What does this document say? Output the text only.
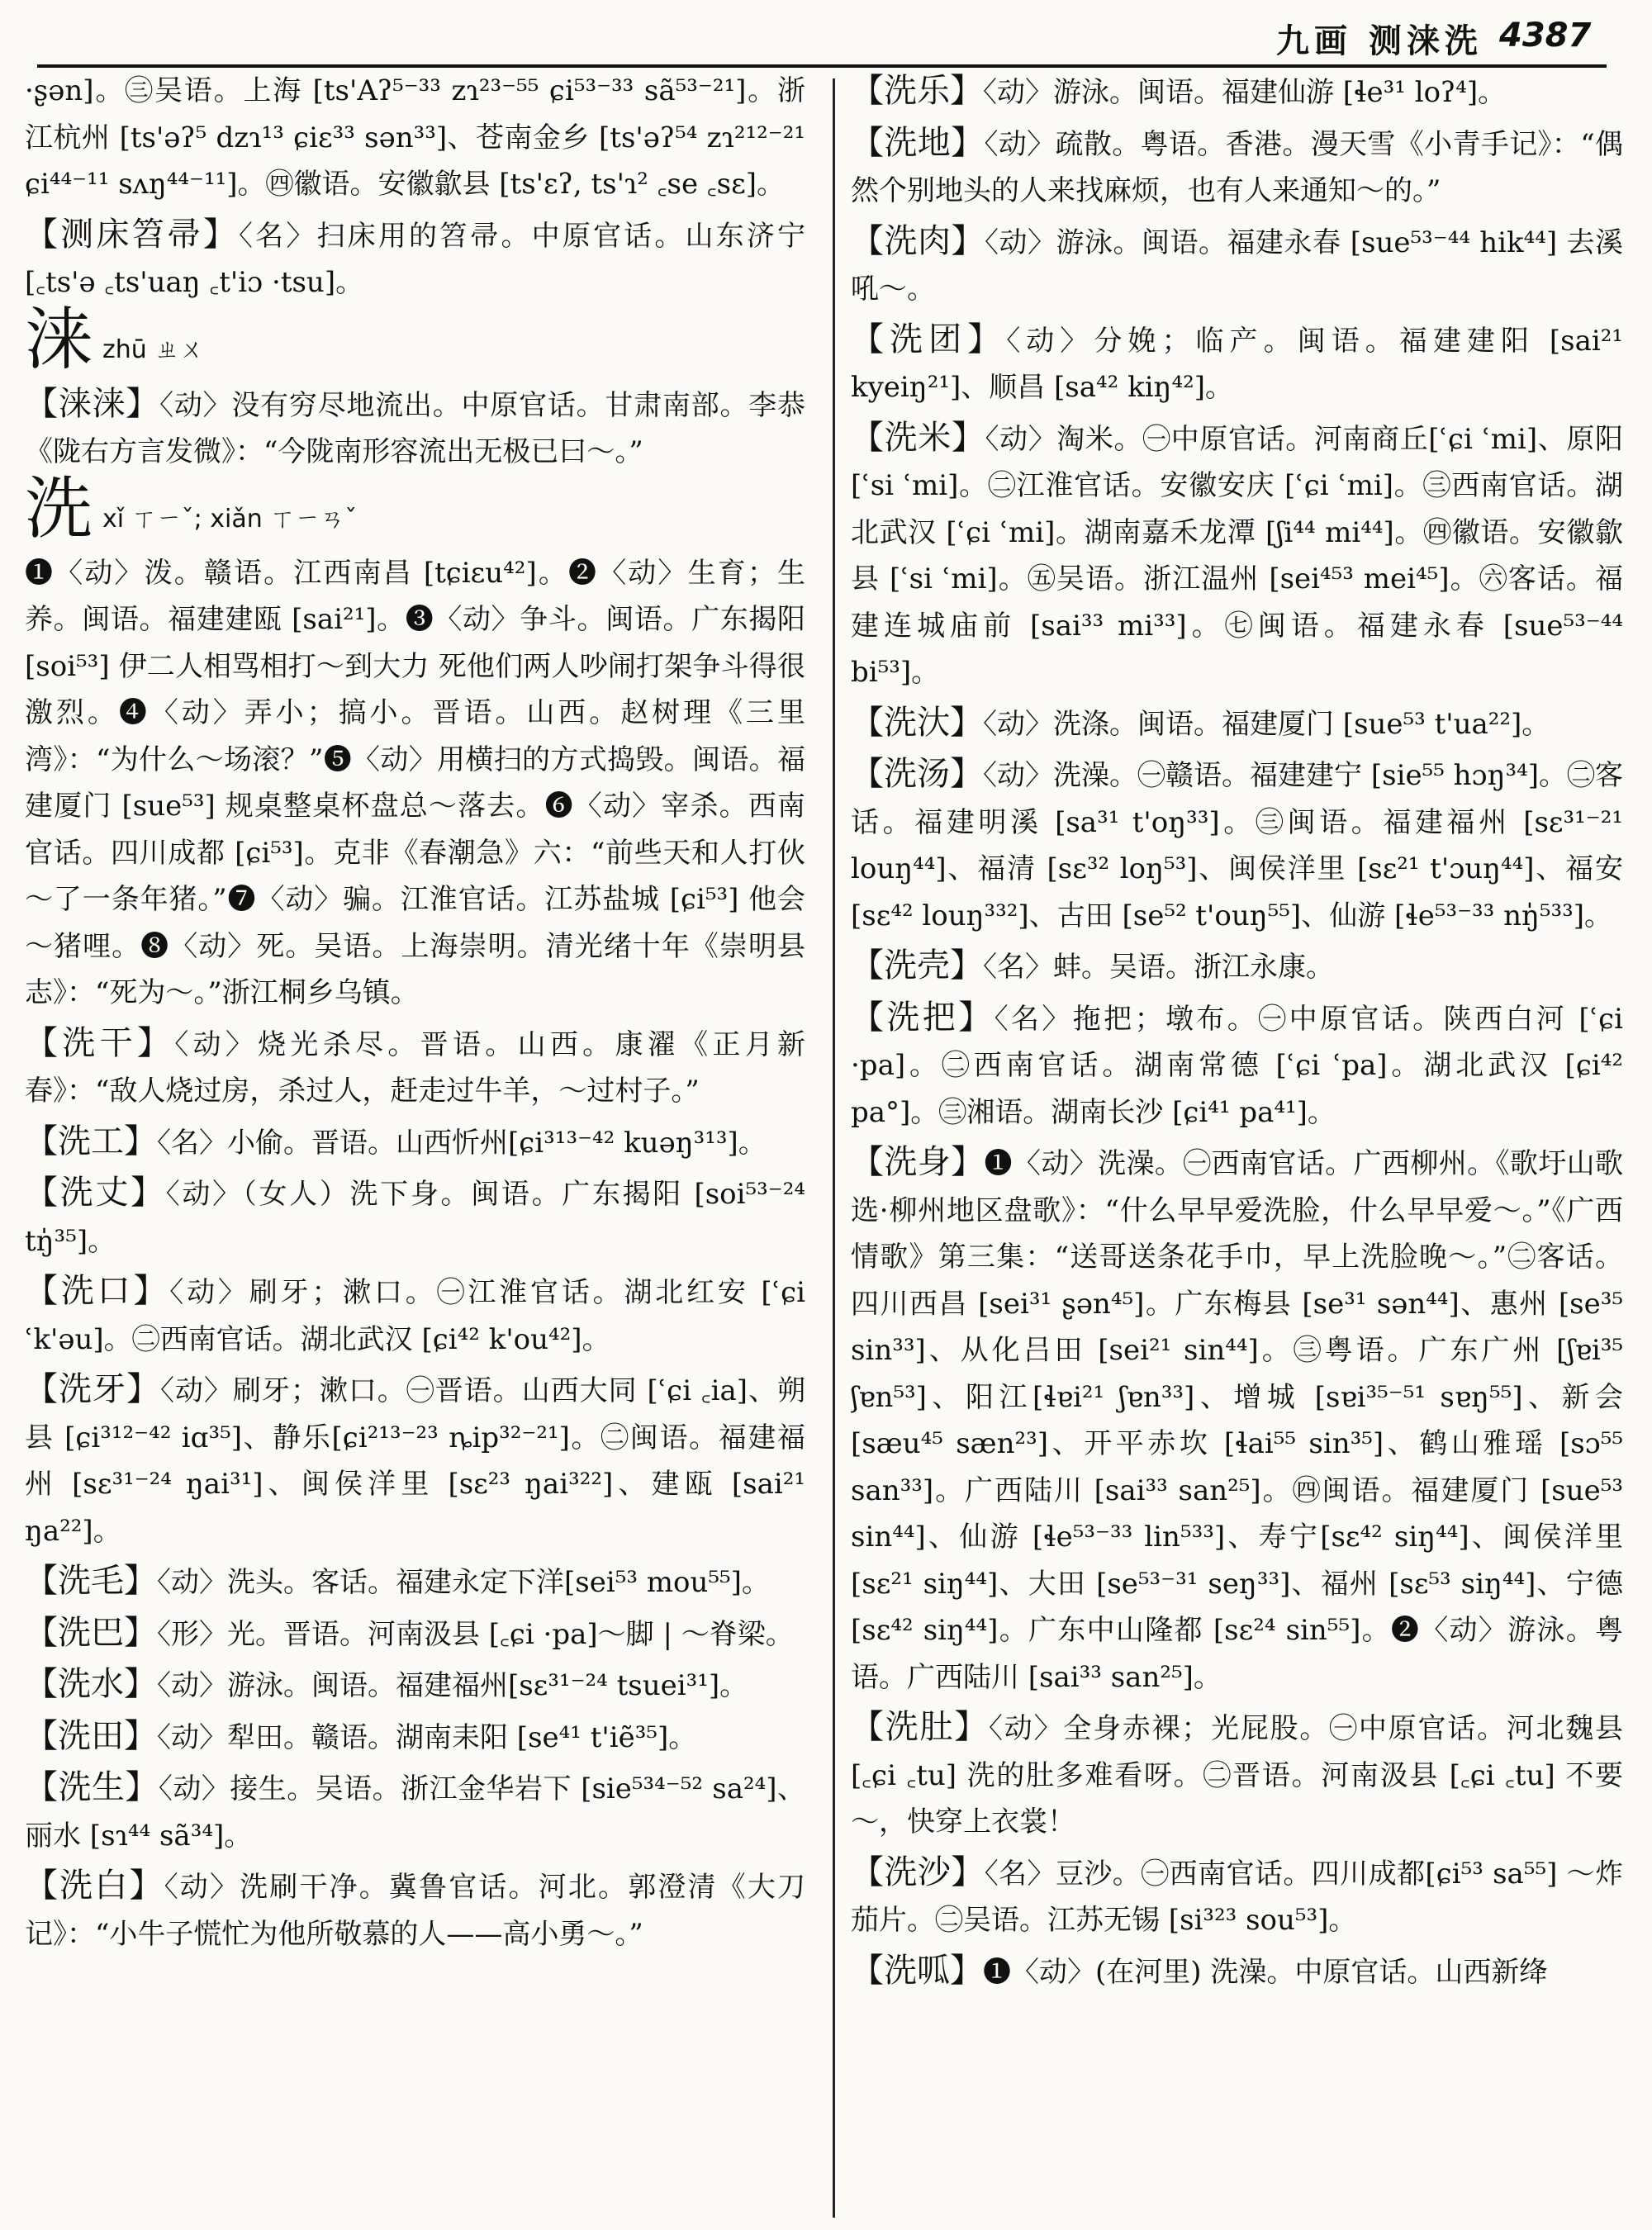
九画 测涞洗 4387
·ʂən]。㊂吴语。上海 [ts'Aʔ⁵⁻³³ zɿ²³⁻⁵⁵ ɕi⁵³⁻³³ sã⁵³⁻²¹]。浙江杭州 [ts'əʔ⁵ dzɿ¹³ ɕiɛ³³ sən³³]、苍南金乡 [ts'əʔ⁵⁴ zɿ²¹²⁻²¹ ɕi⁴⁴⁻¹¹ sʌŋ⁴⁴⁻¹¹]。㊃徽语。安徽歙县 [ts'ɛʔ, ts'ɿ² ꜀se ꜀sɛ]。
【测床笤帚】〈名〉扫床用的笤帚。中原官话。山东济宁[꜀ts'ə ꜀ts'uaŋ ꜀t'iɔ ·tsu]。
涞zhū ㄓㄨ
【涞涞】〈动〉没有穷尽地流出。中原官话。甘肃南部。李恭《陇右方言发微》：“今陇南形容流出无极已曰～。”
洗xǐ ㄒㄧˇ; xiǎn ㄒㄧㄢˇ
❶〈动〉泼。赣语。江西南昌 [tɕiɛu⁴²]。❷〈动〉生育；生养。闽语。福建建瓯 [sai²¹]。❸〈动〉争斗。闽语。广东揭阳 [soi⁵³] 伊二人相骂相打～到大力 死他们两人吵闹打架争斗得很激烈。❹〈动〉弄小；搞小。晋语。山西。赵树理《三里湾》：“为什么～场滚？”❺〈动〉用横扫的方式捣毁。闽语。福建厦门 [sue⁵³] 规桌整桌杯盘总～落去。❻〈动〉宰杀。西南官话。四川成都 [ɕi⁵³]。克非《春潮急》六：“前些天和人打伙～了一条年猪。”❼〈动〉骗。江淮官话。江苏盐城 [ɕi⁵³] 他会～猪哩。❽〈动〉死。吴语。上海崇明。清光绪十年《崇明县志》：“死为～。”浙江桐乡乌镇。
【洗干】〈动〉烧光杀尽。晋语。山西。康濯《正月新春》：“敌人烧过房，杀过人，赶走过牛羊，～过村子。”
【洗工】〈名〉小偷。晋语。山西忻州[ɕi³¹³⁻⁴² kuəŋ³¹³]。
【洗丈】〈动〉（女人）洗下身。闽语。广东揭阳 [soi⁵³⁻²⁴ tŋ̍³⁵]。
【洗口】〈动〉刷牙；漱口。㊀江淮官话。湖北红安 [ʿɕi ʿk'əu]。㊁西南官话。湖北武汉 [ɕi⁴² k'ou⁴²]。
【洗牙】〈动〉刷牙；漱口。㊀晋语。山西大同 [ʿɕi ꜀ia]、朔县 [ɕi³¹²⁻⁴² iɑ³⁵]、静乐[ɕi²¹³⁻²³ ȵip³²⁻²¹]。㊁闽语。福建福州 [sɛ³¹⁻²⁴ ŋai³¹]、闽侯洋里 [sɛ²³ ŋai³²²]、建瓯 [sai²¹ ŋa²²]。
【洗毛】〈动〉洗头。客话。福建永定下洋[sei⁵³ mou⁵⁵]。
【洗巴】〈形〉光。晋语。河南汲县 [꜀ɕi ·pa]～脚 | ～脊梁。
【洗水】〈动〉游泳。闽语。福建福州[sɛ³¹⁻²⁴ tsuei³¹]。
【洗田】〈动〉犁田。赣语。湖南耒阳 [se⁴¹ t'iẽ³⁵]。
【洗生】〈动〉接生。吴语。浙江金华岩下 [sie⁵³⁴⁻⁵² sa²⁴]、丽水 [sɿ⁴⁴ sã³⁴]。
【洗白】〈动〉洗刷干净。冀鲁官话。河北。郭澄清《大刀记》：“小牛子慌忙为他所敬慕的人——高小勇～。”
【洗乐】〈动〉游泳。闽语。福建仙游 [ɬe³¹ loʔ⁴]。
【洗地】〈动〉疏散。粤语。香港。漫天雪《小青手记》：“偶然个别地头的人来找麻烦，也有人来通知～的。”
【洗肉】〈动〉游泳。闽语。福建永春 [sue⁵³⁻⁴⁴ hik⁴⁴] 去溪吼～。
【洗团】〈动〉分娩；临产。闽语。福建建阳 [sai²¹ kyeiŋ²¹]、顺昌 [sa⁴² kiŋ⁴²]。
【洗米】〈动〉淘米。㊀中原官话。河南商丘[ʿɕi ʿmi]、原阳 [ʿsi ʿmi]。㊁江淮官话。安徽安庆 [ʿɕi ʿmi]。㊂西南官话。湖北武汉 [ʿɕi ʿmi]。湖南嘉禾龙潭 [ʃi⁴⁴ mi⁴⁴]。㊃徽语。安徽歙县 [ʿsi ʿmi]。㊄吴语。浙江温州 [sei⁴⁵³ mei⁴⁵]。㊅客话。福建连城庙前 [sai³³ mi³³]。㊆闽语。福建永春 [sue⁵³⁻⁴⁴ bi⁵³]。
【洗汏】〈动〉洗涤。闽语。福建厦门 [sue⁵³ t'ua²²]。
【洗汤】〈动〉洗澡。㊀赣语。福建建宁 [sie⁵⁵ hɔŋ³⁴]。㊁客话。福建明溪 [sa³¹ t'oŋ³³]。㊂闽语。福建福州 [sɛ³¹⁻²¹ louŋ⁴⁴]、福清 [sɛ³² loŋ⁵³]、闽侯洋里 [sɛ²¹ t'ɔuŋ⁴⁴]、福安[sɛ⁴² louŋ³³²]、古田 [se⁵² t'ouŋ⁵⁵]、仙游 [ɬe⁵³⁻³³ nŋ̍⁵³³]。
【洗壳】〈名〉蚌。吴语。浙江永康。
【洗把】〈名〉拖把；墩布。㊀中原官话。陕西白河 [ʿɕi ·pa]。㊁西南官话。湖南常德 [ʿɕi ʿpa]。湖北武汉 [ɕi⁴² pa°]。㊂湘语。湖南长沙 [ɕi⁴¹ pa⁴¹]。
【洗身】❶〈动〉洗澡。㊀西南官话。广西柳州。《歌圩山歌选·柳州地区盘歌》：“什么早早爱洗脸，什么早早爱～。”《广西情歌》第三集：“送哥送条花手巾，早上洗脸晚～。”㊁客话。四川西昌 [sei³¹ ʂən⁴⁵]。广东梅县 [se³¹ sən⁴⁴]、惠州 [se³⁵ sin³³]、从化吕田 [sei²¹ sin⁴⁴]。㊂粤语。广东广州 [ʃɐi³⁵ ʃɐn⁵³]、阳江[ɬɐi²¹ ʃɐn³³]、增城 [sɐi³⁵⁻⁵¹ sɐŋ⁵⁵]、新会[sæu⁴⁵ sæn²³]、开平赤坎 [ɬai⁵⁵ sin³⁵]、鹤山雅瑶 [sɔ⁵⁵ san³³]。广西陆川 [sai³³ san²⁵]。㊃闽语。福建厦门 [sue⁵³ sin⁴⁴]、仙游 [ɬe⁵³⁻³³ lin⁵³³]、寿宁[sɛ⁴² siŋ⁴⁴]、闽侯洋里 [sɛ²¹ siŋ⁴⁴]、大田 [se⁵³⁻³¹ seŋ³³]、福州 [sɛ⁵³ siŋ⁴⁴]、宁德 [sɛ⁴² siŋ⁴⁴]。广东中山隆都 [sɛ²⁴ sin⁵⁵]。❷〈动〉游泳。粤语。广西陆川 [sai³³ san²⁵]。
【洗肚】〈动〉全身赤裸；光屁股。㊀中原官话。河北魏县 [꜀ɕi ꜀tu] 洗的肚多难看呀。㊁晋语。河南汲县 [꜀ɕi ꜀tu] 不要～，快穿上衣裳！
【洗沙】〈名〉豆沙。㊀西南官话。四川成都[ɕi⁵³ sa⁵⁵] ～炸茄片。㊁吴语。江苏无锡 [si³²³ sou⁵³]。
【洗呱】❶〈动〉(在河里) 洗澡。中原官话。山西新绛
